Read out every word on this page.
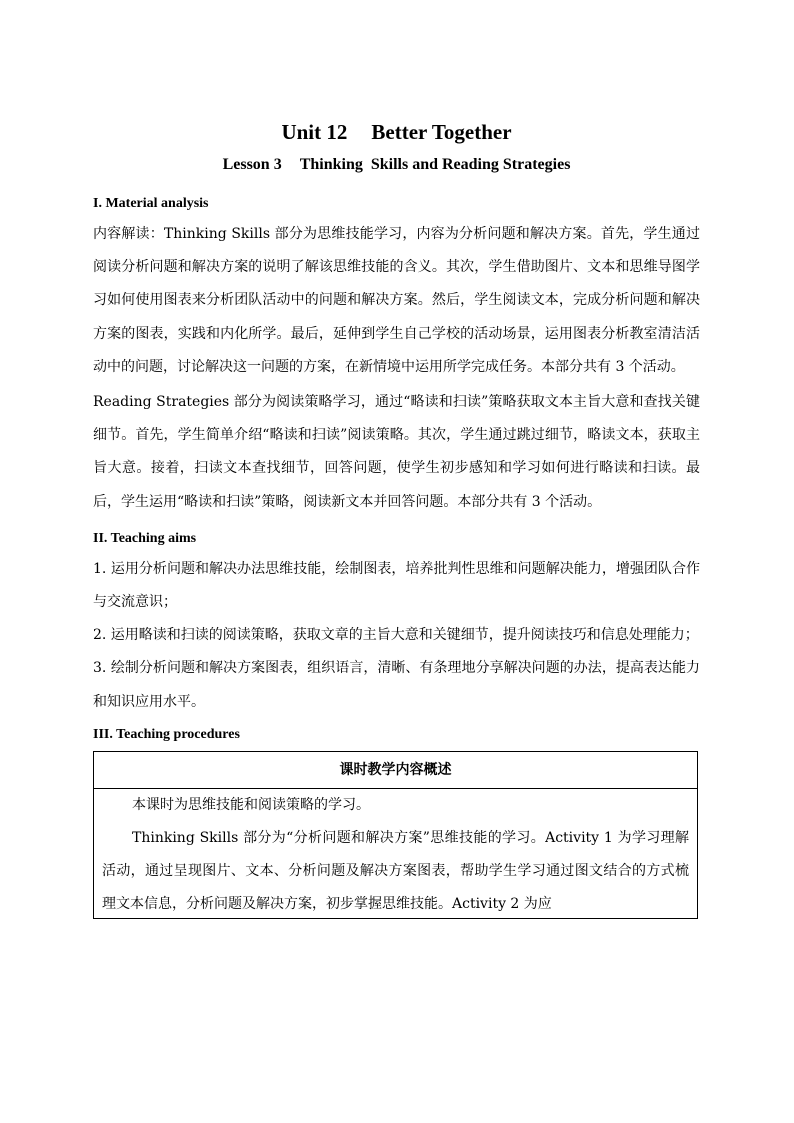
Unit 12 Better Together
Lesson 3 Thinking  Skills and Reading Strategies
I. Material analysis

内容解读：Thinking Skills 部分为思维技能学习，内容为分析问题和解决方案。首先，学生通过阅读分析问题和解决方案的说明了解该思维技能的含义。其次，学生借助图片、文本和思维导图学习如何使用图表来分析团队活动中的问题和解决方案。然后，学生阅读文本，完成分析问题和解决方案的图表，实践和内化所学。最后，延伸到学生自己学校的活动场景，运用图表分析教室清洁活动中的问题，讨论解决这一问题的方案，在新情境中运用所学完成任务。本部分共有 3 个活动。

Reading Strategies 部分为阅读策略学习，通过“略读和扫读”策略获取文本主旨大意和查找关键细节。首先，学生简单介绍“略读和扫读”阅读策略。其次，学生通过跳过细节，略读文本，获取主旨大意。接着，扫读文本查找细节，回答问题，使学生初步感知和学习如何进行略读和扫读。最后，学生运用“略读和扫读”策略，阅读新文本并回答问题。本部分共有 3 个活动。

II. Teaching aims

1. 运用分析问题和解决办法思维技能，绘制图表，培养批判性思维和问题解决能力，增强团队合作与交流意识；

2. 运用略读和扫读的阅读策略，获取文章的主旨大意和关键细节，提升阅读技巧和信息处理能力；

3. 绘制分析问题和解决方案图表，组织语言，清晰、有条理地分享解决问题的办法，提高表达能力和知识应用水平。

III. Teaching procedures
课时教学内容概述

本课时为思维技能和阅读策略的学习。

Thinking Skills 部分为“分析问题和解决方案”思维技能的学习。Activity 1 为学习理解活动，通过呈现图片、文本、分析问题及解决方案图表，帮助学生学习通过图文结合的方式梳理文本信息，分析问题及解决方案，初步掌握思维技能。Activity 2 为应
